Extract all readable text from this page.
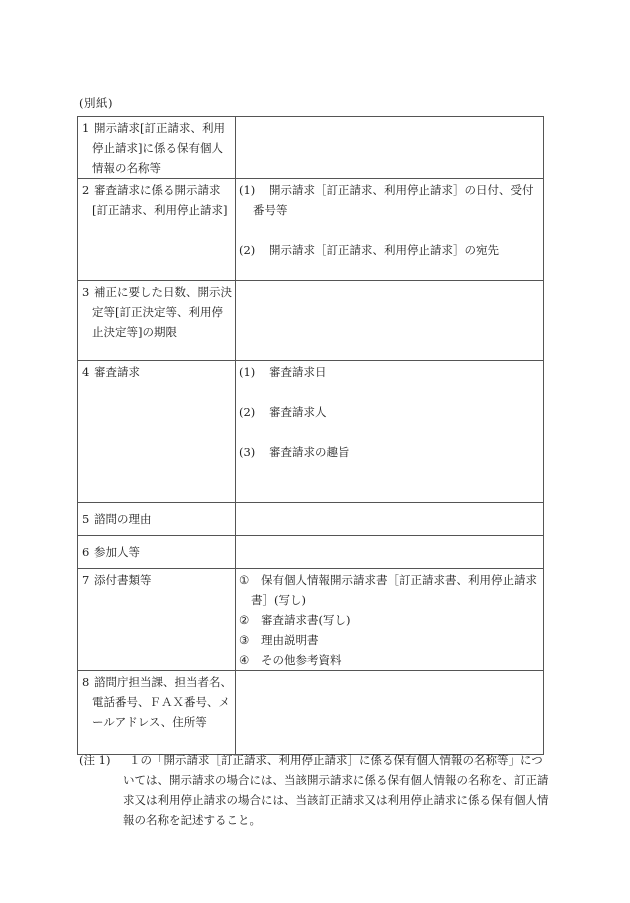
(別紙)
1 開示請求[訂正請求、利用停止請求]に係る保有個人情報の名称等	

2 審査請求に係る開示請求[訂正請求、利用停止請求]	(1) 開示請求［訂正請求、利用停止請求］の日付、受付番号等
(2) 開示請求［訂正請求、利用停止請求］の宛先

3 補正に要した日数、開示決定等[訂正決定等、利用停止決定等]の期限	

4 審査請求	(1) 審査請求日
(2) 審査請求人
(3) 審査請求の趣旨

5 諮問の理由	

6 参加人等	

7 添付書類等	① 保有個人情報開示請求書［訂正請求書、利用停止請求書］(写し)
② 審査請求書(写し)
③ 理由説明書
④ その他参考資料

8 諮問庁担当課、担当者名、電話番号、ＦＡＸ番号、メールアドレス、住所等	

(注 1)	１の「開示請求［訂正請求、利用停止請求］に係る保有個人情報の名称等」については、開示請求の場合には、当該開示請求に係る保有個人情報の名称を、訂正請求又は利用停止請求の場合には、当該訂正請求又は利用停止請求に係る保有個人情報の名称を記述すること。
